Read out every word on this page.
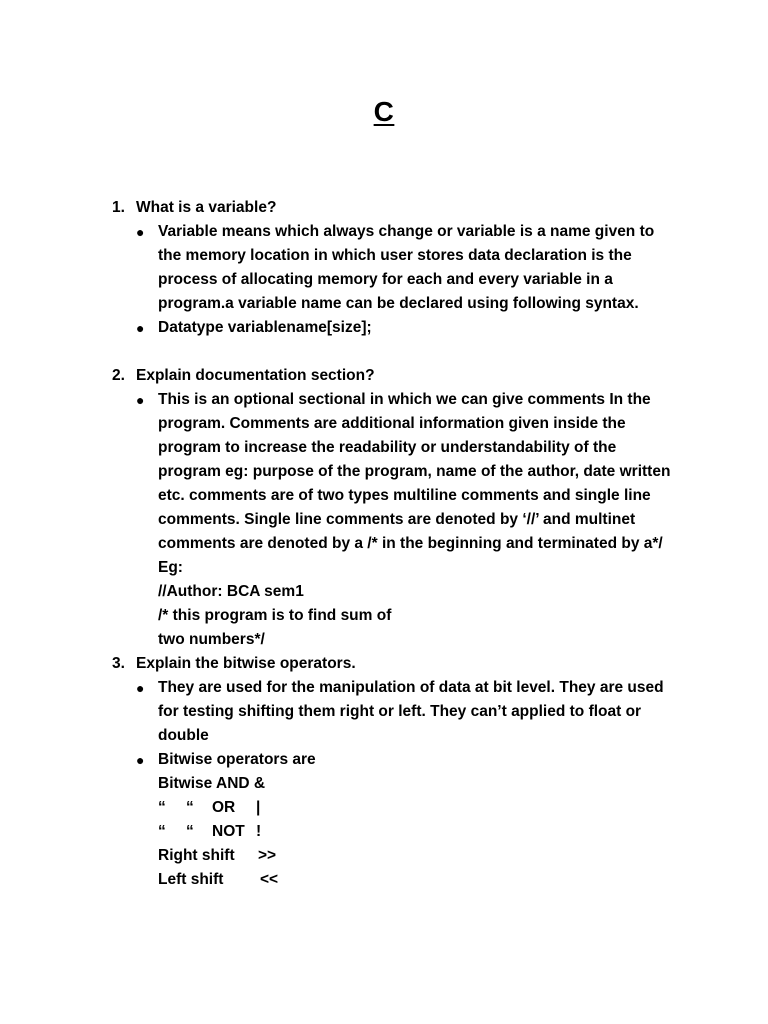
C
1. What is a variable?
● Variable means which always change or variable is a name given to the memory location in which user stores data declaration is the process of allocating memory for each and every variable in a program.a variable name can be declared using following syntax.
● Datatype variablename[size];
2. Explain documentation section?
● This is an optional sectional in which we can give comments In the program. Comments are additional information given inside the program to increase the readability or understandability of the program eg: purpose of the program, name of the author, date written etc. comments are of two types multiline comments and single line comments. Single line comments are denoted by ‘//’ and multinet comments are denoted by a /* in the beginning and terminated by a*/
Eg:
//Author: BCA sem1
/* this program is to find sum of
two numbers*/
3. Explain the bitwise operators.
● They are used for the manipulation of data at bit level. They are used for testing shifting them right or left. They can’t applied to float or double
● Bitwise operators are
Bitwise AND &
“ “ OR |
“ “ NOT !
Right shift >>
Left shift <<
